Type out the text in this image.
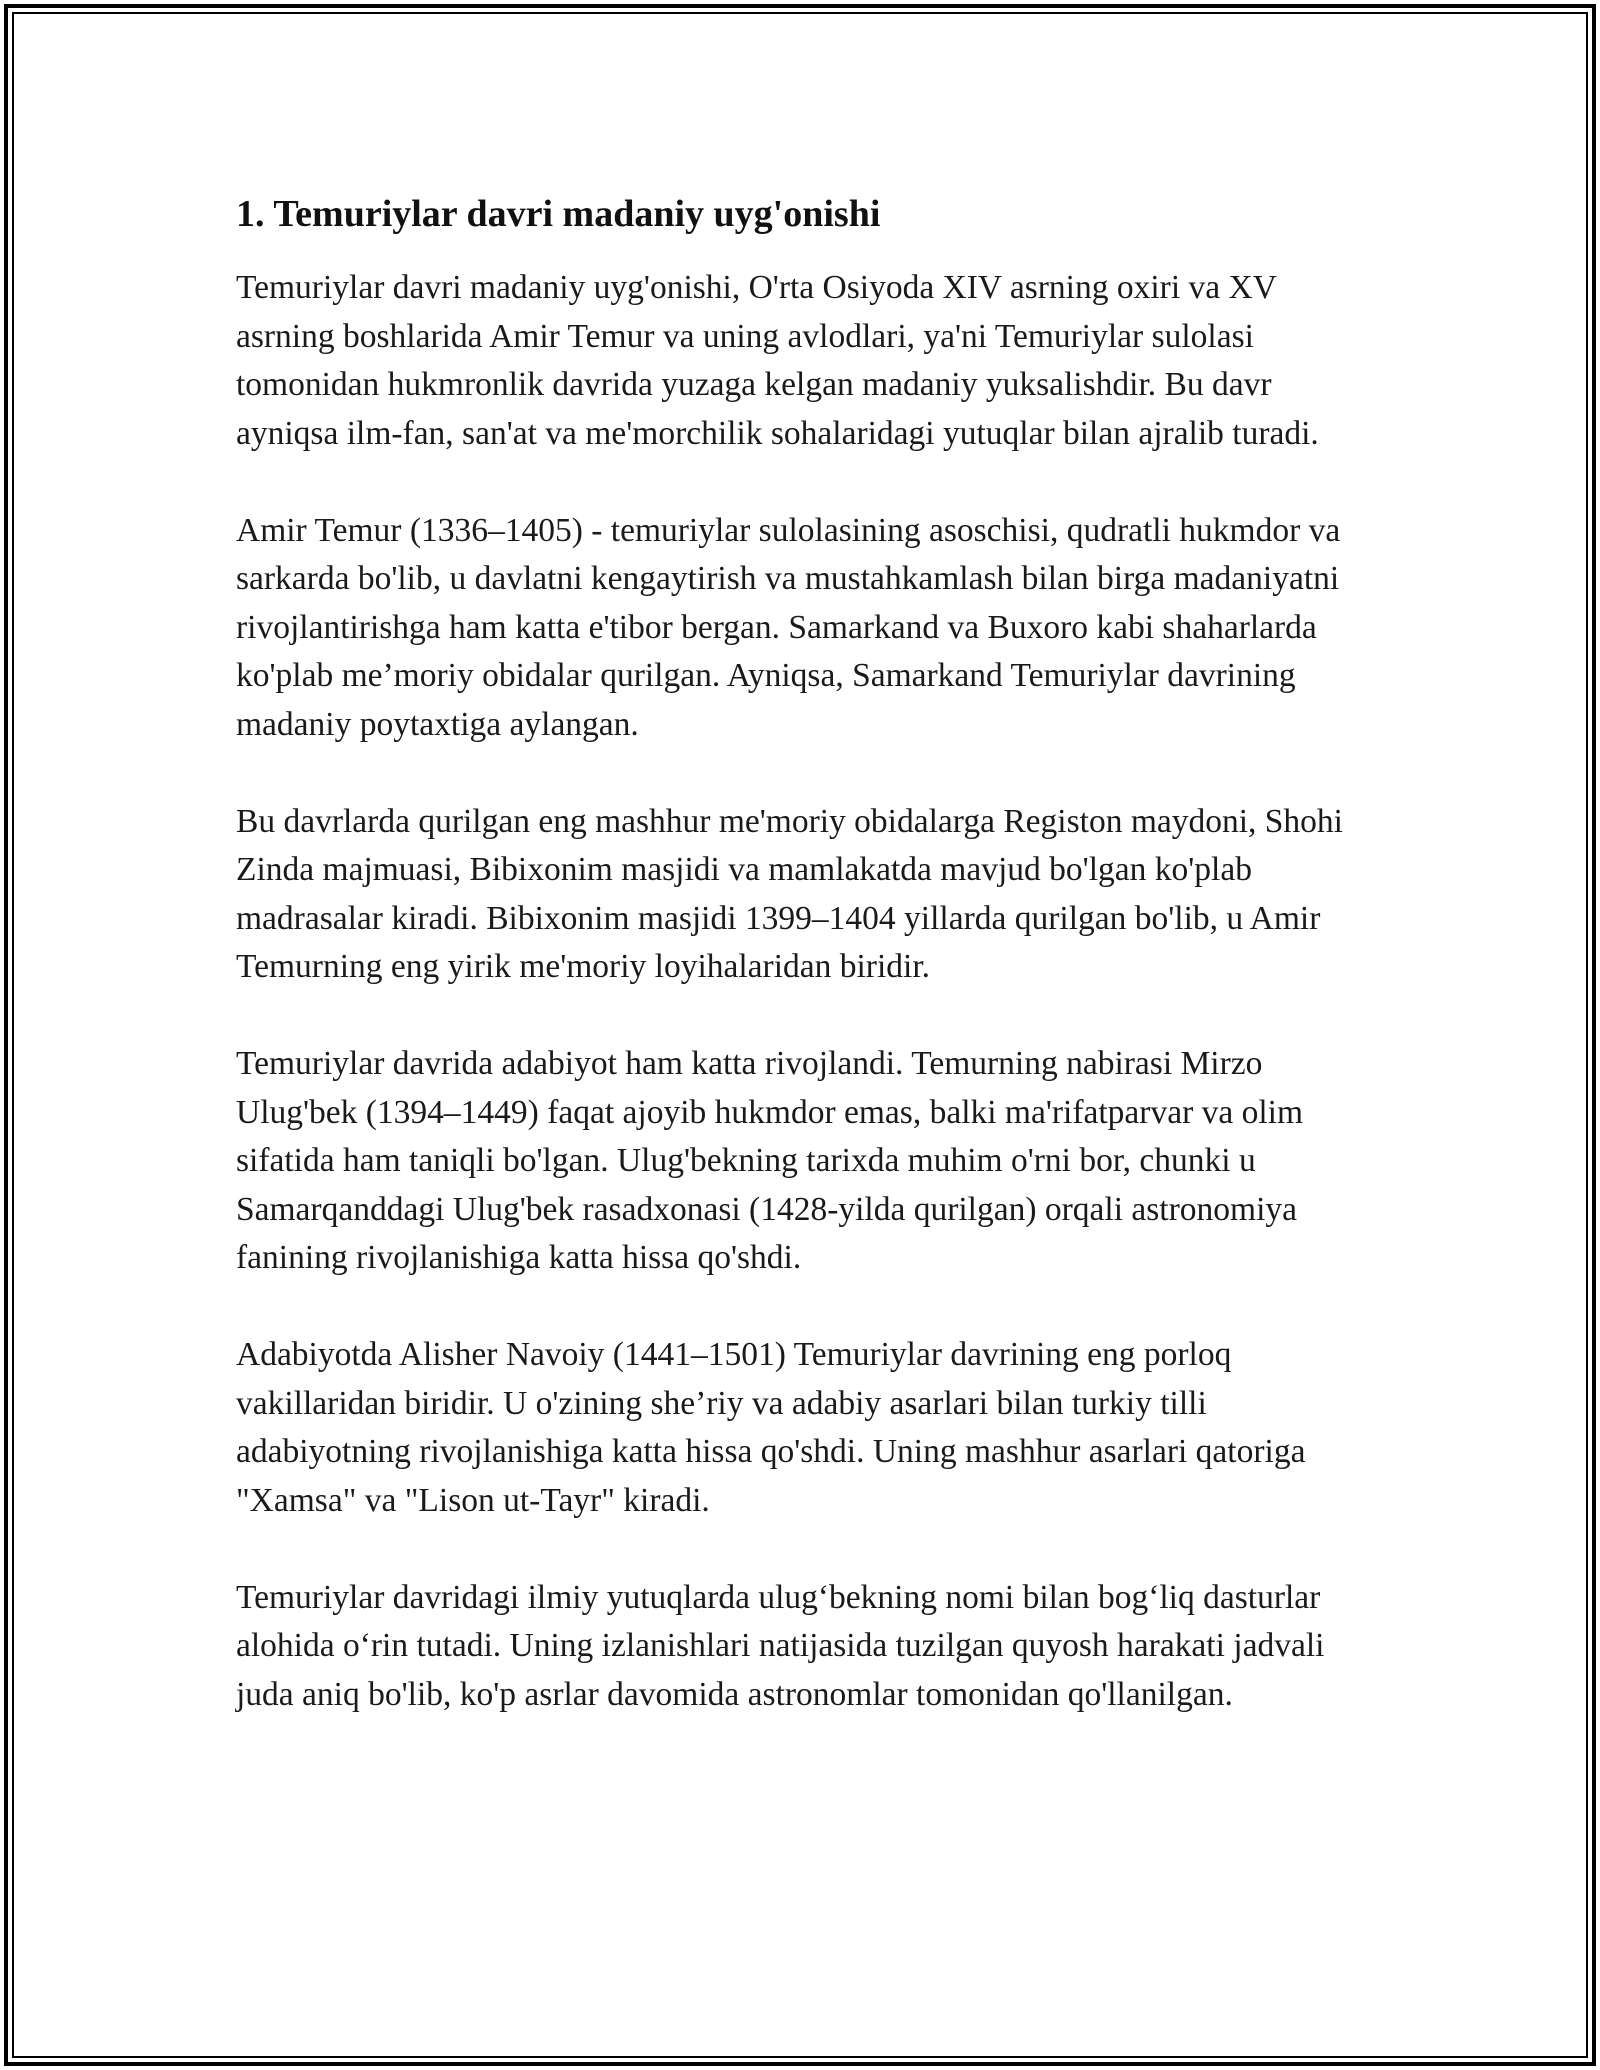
1. Temuriylar davri madaniy uyg'onishi

Temuriylar davri madaniy uyg'onishi, O'rta Osiyoda XIV asrning oxiri va XV asrning boshlarida Amir Temur va uning avlodlari, ya'ni Temuriylar sulolasi tomonidan hukmronlik davrida yuzaga kelgan madaniy yuksalishdir. Bu davr ayniqsa ilm-fan, san'at va me'morchilik sohalaridagi yutuqlar bilan ajralib turadi.

Amir Temur (1336–1405) - temuriylar sulolasining asoschisi, qudratli hukmdor va sarkarda bo'lib, u davlatni kengaytirish va mustahkamlash bilan birga madaniyatni rivojlantirishga ham katta e'tibor bergan. Samarkand va Buxoro kabi shaharlarda ko'plab me’moriy obidalar qurilgan. Ayniqsa, Samarkand Temuriylar davrining madaniy poytaxtiga aylangan.

Bu davrlarda qurilgan eng mashhur me'moriy obidalarga Registon maydoni, Shohi Zinda majmuasi, Bibixonim masjidi va mamlakatda mavjud bo'lgan ko'plab madrasalar kiradi. Bibixonim masjidi 1399–1404 yillarda qurilgan bo'lib, u Amir Temurning eng yirik me'moriy loyihalaridan biridir.

Temuriylar davrida adabiyot ham katta rivojlandi. Temurning nabirasi Mirzo Ulug'bek (1394–1449) faqat ajoyib hukmdor emas, balki ma'rifatparvar va olim sifatida ham taniqli bo'lgan. Ulug'bekning tarixda muhim o'rni bor, chunki u Samarqanddagi Ulug'bek rasadxonasi (1428-yilda qurilgan) orqali astronomiya fanining rivojlanishiga katta hissa qo'shdi.

Adabiyotda Alisher Navoiy (1441–1501) Temuriylar davrining eng porloq vakillaridan biridir. U o'zining she’riy va adabiy asarlari bilan turkiy tilli adabiyotning rivojlanishiga katta hissa qo'shdi. Uning mashhur asarlari qatoriga "Xamsa" va "Lison ut-Tayr" kiradi.

Temuriylar davridagi ilmiy yutuqlarda ulug‘bekning nomi bilan bog‘liq dasturlar alohida o‘rin tutadi. Uning izlanishlari natijasida tuzilgan quyosh harakati jadvali juda aniq bo'lib, ko'p asrlar davomida astronomlar tomonidan qo'llanilgan.
